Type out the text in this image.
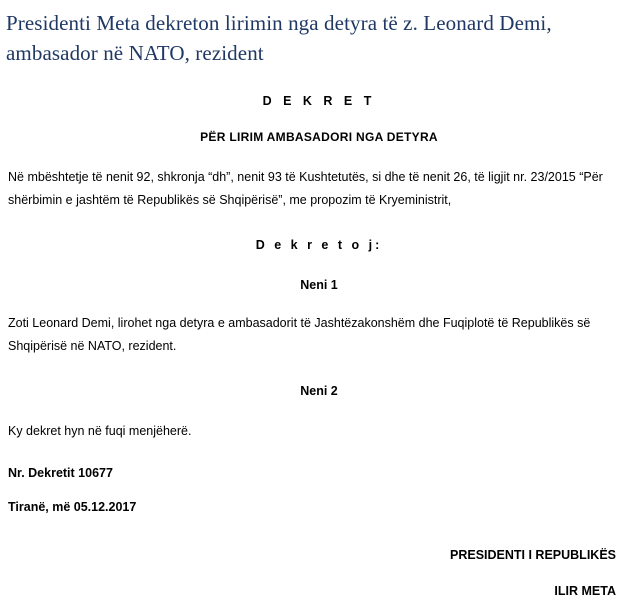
Presidenti Meta dekreton lirimin nga detyra të z. Leonard Demi, ambasador në NATO, rezident
D E K R E T
PËR LIRIM AMBASADORI NGA DETYRA
Në mbështetje të nenit 92, shkronja “dh”, nenit 93 të Kushtetutës, si dhe të nenit 26, të ligjit nr. 23/2015 “Për shërbimin e jashtëm të Republikës së Shqipërisë”, me propozim të Kryeministrit,
D e k r e t o j:
Neni 1
Zoti Leonard Demi, lirohet nga detyra e ambasadorit të Jashtëzakonshëm dhe Fuqiplotë të Republikës së Shqipërisë në NATO, rezident.
Neni 2
Ky dekret hyn në fuqi menjëherë.
Nr. Dekretit 10677
Tiranë, më 05.12.2017
PRESIDENTI I REPUBLIKËS
ILIR META
